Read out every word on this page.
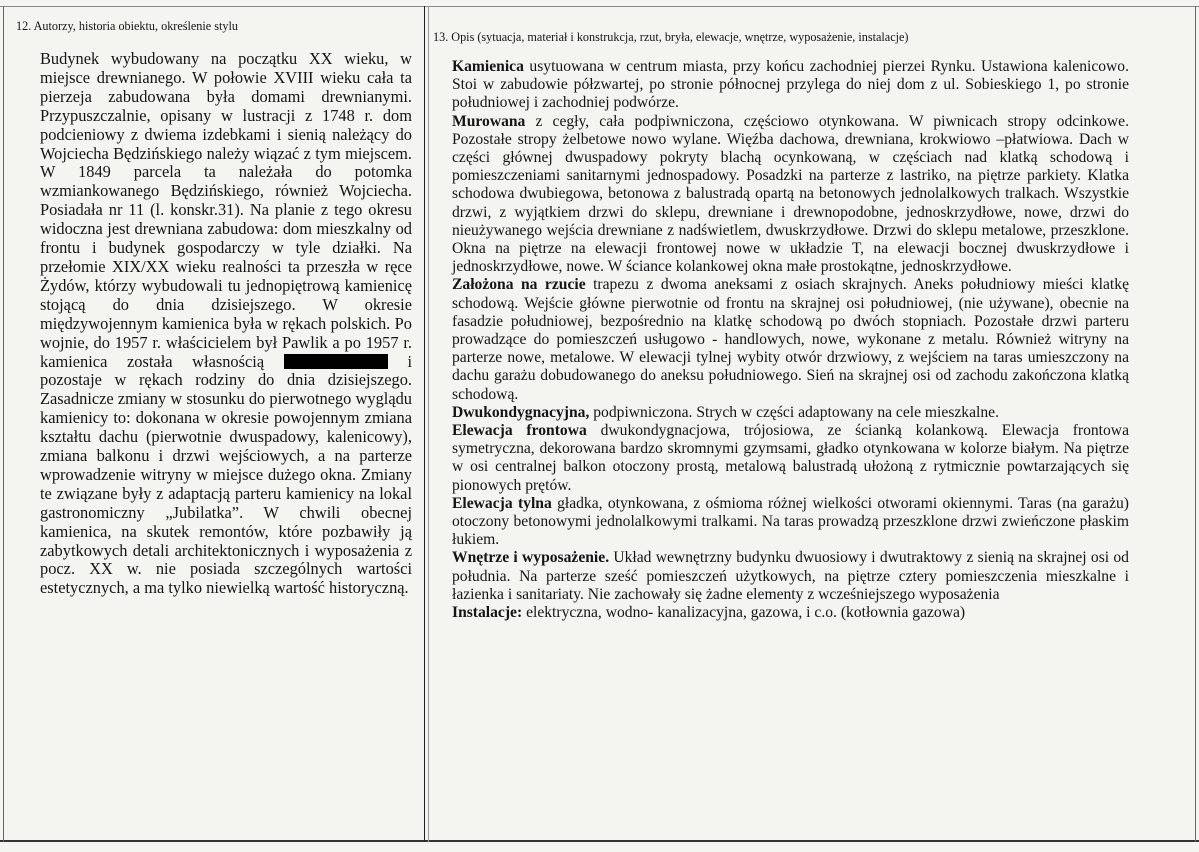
12. Autorzy, historia obiektu, określenie stylu
13. Opis (sytuacja, materiał i konstrukcja, rzut, bryła, elewacje, wnętrze, wyposażenie, instalacje)

Budynek wybudowany na początku XX wieku, w miejsce drewnianego. W połowie XVIII wieku cała ta pierzeja zabudowana była domami drewnianymi. Przypuszczalnie, opisany w lustracji z 1748 r. dom podcieniowy z dwiema izdebkami i sienią należący do Wojciecha Będzińskiego należy wiązać z tym miejscem. W 1849 parcela ta należała do potomka wzmiankowanego Będzińskiego, również Wojciecha. Posiadała nr 11 (l. konskr.31). Na planie z tego okresu widoczna jest drewniana zabudowa: dom mieszkalny od frontu i budynek gospodarczy w tyle działki. Na przełomie XIX/XX wieku realności ta przeszła w ręce Żydów, którzy wybudowali tu jednopiętrową kamienicę stojącą do dnia dzisiejszego. W okresie międzywojennym kamienica była w rękach polskich. Po wojnie, do 1957 r. właścicielem był Pawlik a po 1957 r. kamienica została własnością	i pozostaje w rękach rodziny do dnia dzisiejszego. Zasadnicze zmiany w stosunku do pierwotnego wyglądu kamienicy to: dokonana w okresie powojennym zmiana kształtu dachu (pierwotnie dwuspadowy, kalenicowy), zmiana balkonu i drzwi wejściowych, a na parterze wprowadzenie witryny w miejsce dużego okna. Zmiany te związane były z adaptacją parteru kamienicy na lokal gastronomiczny „Jubilatka”. W chwili obecnej kamienica, na skutek remontów, które pozbawiły ją zabytkowych detali architektonicznych i wyposażenia z pocz. XX w. nie posiada szczególnych wartości estetycznych, a ma tylko niewielką wartość historyczną.

Kamienica usytuowana w centrum miasta, przy końcu zachodniej pierzei Rynku. Ustawiona kalenicowo. Stoi w zabudowie półzwartej, po stronie północnej przylega do niej dom z ul. Sobieskiego 1, po stronie południowej i zachodniej podwórze.

Murowana z cegły, cała podpiwniczona, częściowo otynkowana. W piwnicach stropy odcinkowe. Pozostałe stropy żelbetowe nowo wylane. Więźba dachowa, drewniana, krokwiowo –płatwiowa. Dach w części głównej dwuspadowy pokryty blachą ocynkowaną, w częściach nad klatką schodową i pomieszczeniami sanitarnymi jednospadowy. Posadzki na parterze z lastriko, na piętrze parkiety. Klatka schodowa dwubiegowa, betonowa z balustradą opartą na betonowych jednolalkowych tralkach. Wszystkie drzwi, z wyjątkiem drzwi do sklepu, drewniane i drewnopodobne, jednoskrzydłowe, nowe, drzwi do nieużywanego wejścia drewniane z nadświetlem, dwuskrzydłowe. Drzwi do sklepu metalowe, przeszklone. Okna na piętrze na elewacji frontowej nowe w układzie T, na elewacji bocznej dwuskrzydłowe i jednoskrzydłowe, nowe. W ściance kolankowej okna małe prostokątne, jednoskrzydłowe.

Założona na rzucie trapezu z dwoma aneksami z osiach skrajnych. Aneks południowy mieści klatkę schodową. Wejście główne pierwotnie od frontu na skrajnej osi południowej, (nie używane), obecnie na fasadzie południowej, bezpośrednio na klatkę schodową po dwóch stopniach. Pozostałe drzwi parteru prowadzące do pomieszczeń usługowo - handlowych, nowe, wykonane z metalu. Również witryny na parterze nowe, metalowe. W elewacji tylnej wybity otwór drzwiowy, z wejściem na taras umieszczony na dachu garażu dobudowanego do aneksu południowego. Sień na skrajnej osi od zachodu zakończona klatką schodową.

Dwukondygnacyjna, podpiwniczona. Strych w części adaptowany na cele mieszkalne.

Elewacja frontowa dwukondygnacjowa, trójosiowa, ze ścianką kolankową. Elewacja frontowa symetryczna, dekorowana bardzo skromnymi gzymsami, gładko otynkowana w kolorze białym. Na piętrze w osi centralnej balkon otoczony prostą, metalową balustradą ułożoną z rytmicznie powtarzających się pionowych prętów.

Elewacja tylna gładka, otynkowana, z ośmioma różnej wielkości otworami okiennymi. Taras (na garażu) otoczony betonowymi jednolalkowymi tralkami. Na taras prowadzą przeszklone drzwi zwieńczone płaskim łukiem.

Wnętrze i wyposażenie. Układ wewnętrzny budynku dwuosiowy i dwutraktowy z sienią na skrajnej osi od południa. Na parterze sześć pomieszczeń użytkowych, na piętrze cztery pomieszczenia mieszkalne i łazienka i sanitariaty. Nie zachowały się żadne elementy z wcześniejszego wyposażenia

Instalacje: elektryczna, wodno- kanalizacyjna, gazowa, i c.o. (kotłownia gazowa)
